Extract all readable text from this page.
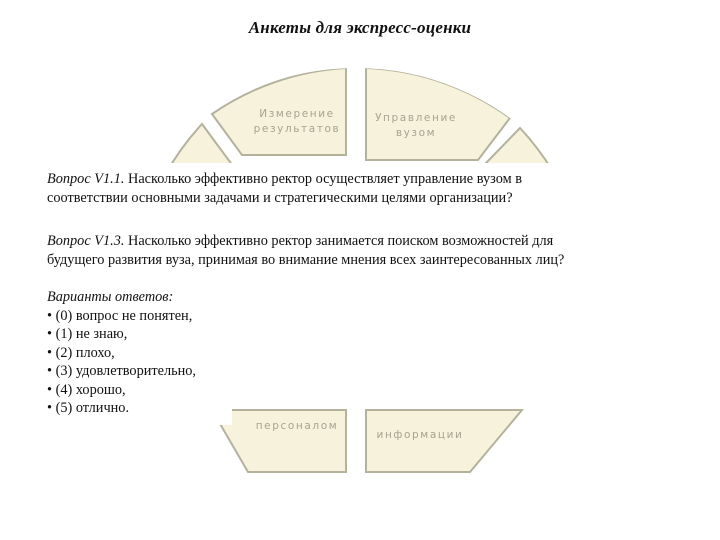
Анкеты для экспресс-оценки
Измерение
результатов
Управление
вузом
персоналом
информации
Вопрос V1.1. Насколько эффективно ректор осуществляет управление вузом в
соответствии основными задачами и стратегическими целями организации?
Вопрос V1.3. Насколько эффективно ректор занимается поиском возможностей для
будущего развития вуза, принимая во внимание мнения всех заинтересованных лиц?
Варианты ответов:
• (0) вопрос не понятен,
• (1) не знаю,
• (2) плохо,
• (3) удовлетворительно,
• (4) хорошо,
• (5) отлично.
